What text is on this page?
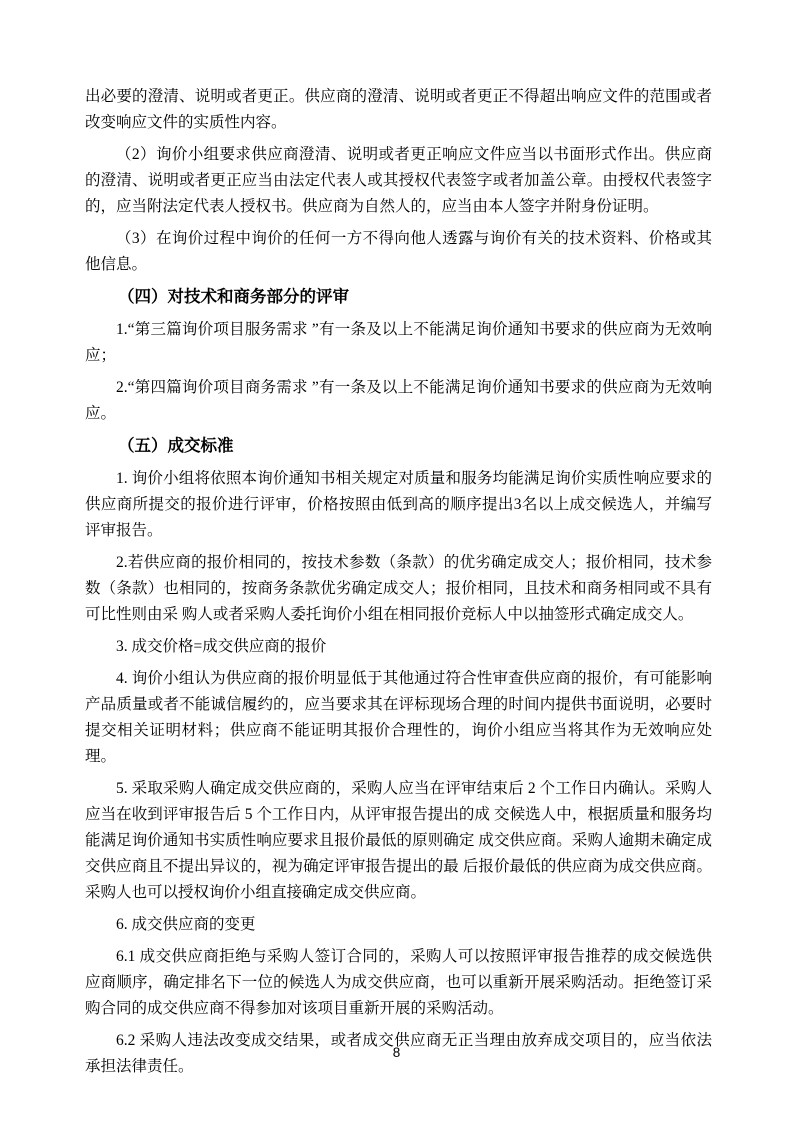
出必要的澄清、说明或者更正。供应商的澄清、说明或者更正不得超出响应文件的范围或者改变响应文件的实质性内容。

（2）询价小组要求供应商澄清、说明或者更正响应文件应当以书面形式作出。供应商的澄清、说明或者更正应当由法定代表人或其授权代表签字或者加盖公章。由授权代表签字的，应当附法定代表人授权书。供应商为自然人的，应当由本人签字并附身份证明。

（3）在询价过程中询价的任何一方不得向他人透露与询价有关的技术资料、价格或其他信息。

（四）对技术和商务部分的评审

1.“第三篇询价项目服务需求 ”有一条及以上不能满足询价通知书要求的供应商为无效响应；

2.“第四篇询价项目商务需求 ”有一条及以上不能满足询价通知书要求的供应商为无效响应。

（五）成交标准

1. 询价小组将依照本询价通知书相关规定对质量和服务均能满足询价实质性响应要求的供应商所提交的报价进行评审，价格按照由低到高的顺序提出3名以上成交候选人，并编写评审报告。

2.若供应商的报价相同的，按技术参数（条款）的优劣确定成交人；报价相同，技术参数（条款）也相同的，按商务条款优劣确定成交人；报价相同，且技术和商务相同或不具有可比性则由采 购人或者采购人委托询价小组在相同报价竞标人中以抽签形式确定成交人。

3. 成交价格=成交供应商的报价

4. 询价小组认为供应商的报价明显低于其他通过符合性审查供应商的报价，有可能影响产品质量或者不能诚信履约的，应当要求其在评标现场合理的时间内提供书面说明，必要时提交相关证明材料；供应商不能证明其报价合理性的，询价小组应当将其作为无效响应处理。

5. 采取采购人确定成交供应商的，采购人应当在评审结束后 2 个工作日内确认。采购人应当在收到评审报告后 5 个工作日内，从评审报告提出的成 交候选人中，根据质量和服务均能满足询价通知书实质性响应要求且报价最低的原则确定 成交供应商。采购人逾期未确定成交供应商且不提出异议的，视为确定评审报告提出的最 后报价最低的供应商为成交供应商。采购人也可以授权询价小组直接确定成交供应商。

6. 成交供应商的变更

6.1 成交供应商拒绝与采购人签订合同的，采购人可以按照评审报告推荐的成交候选供应商顺序，确定排名下一位的候选人为成交供应商，也可以重新开展采购活动。拒绝签订采购合同的成交供应商不得参加对该项目重新开展的采购活动。

6.2 采购人违法改变成交结果，或者成交供应商无正当理由放弃成交项目的，应当依法承担法律责任。

8
